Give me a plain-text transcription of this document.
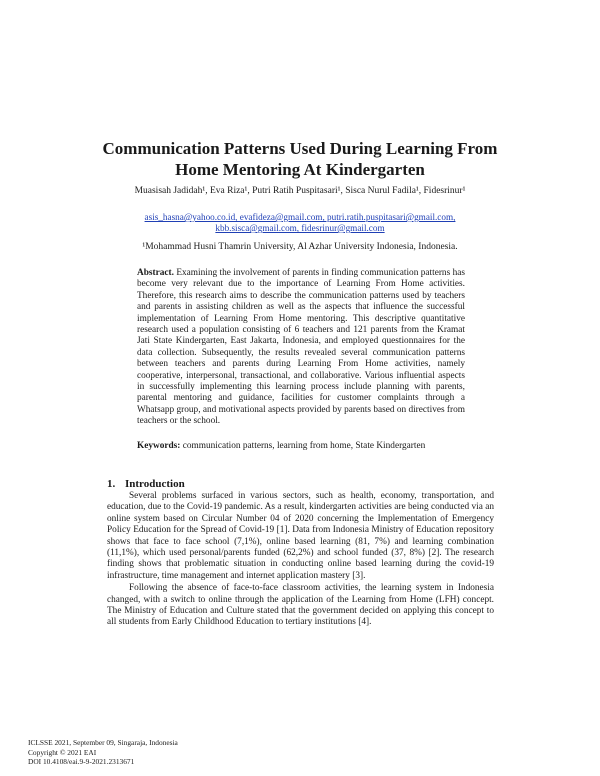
Communication Patterns Used During Learning From
Home Mentoring At Kindergarten
Muasisah Jadidah¹, Eva Riza¹, Putri Ratih Puspitasari¹, Sisca Nurul Fadila¹, Fidesrinur¹
asis_hasna@yahoo.co.id, evafideza@gmail.com, putri.ratih.puspitasari@gmail.com,
kbb.sisca@gmail.com, fidesrinur@gmail.com
¹Mohammad Husni Thamrin University, Al Azhar University Indonesia, Indonesia.
Abstract. Examining the involvement of parents in finding communication patterns has become very relevant due to the importance of Learning From Home activities. Therefore, this research aims to describe the communication patterns used by teachers and parents in assisting children as well as the aspects that influence the successful implementation of Learning From Home mentoring. This descriptive quantitative research used a population consisting of 6 teachers and 121 parents from the Kramat Jati State Kindergarten, East Jakarta, Indonesia, and employed questionnaires for the data collection. Subsequently, the results revealed several communication patterns between teachers and parents during Learning From Home activities, namely cooperative, interpersonal, transactional, and collaborative. Various influential aspects in successfully implementing this learning process include planning with parents, parental mentoring and guidance, facilities for customer complaints through a Whatsapp group, and motivational aspects provided by parents based on directives from teachers or the school.
Keywords: communication patterns, learning from home, State Kindergarten
1. Introduction

Several problems surfaced in various sectors, such as health, economy, transportation, and education, due to the Covid-19 pandemic. As a result, kindergarten activities are being conducted via an online system based on Circular Number 04 of 2020 concerning the Implementation of Emergency Policy Education for the Spread of Covid-19 [1]. Data from Indonesia Ministry of Education repository shows that face to face school (7,1%), online based learning (81, 7%) and learning combination (11,1%), which used personal/parents funded (62,2%) and school funded (37, 8%) [2]. The research finding shows that problematic situation in conducting online based learning during the covid-19 infrastructure, time management and internet application mastery [3].

Following the absence of face-to-face classroom activities, the learning system in Indonesia changed, with a switch to online through the application of the Learning from Home (LFH) concept. The Ministry of Education and Culture stated that the government decided on applying this concept to all students from Early Childhood Education to tertiary institutions [4].

ICLSSE 2021, September 09, Singaraja, Indonesia
Copyright © 2021 EAI
DOI 10.4108/eai.9-9-2021.2313671
